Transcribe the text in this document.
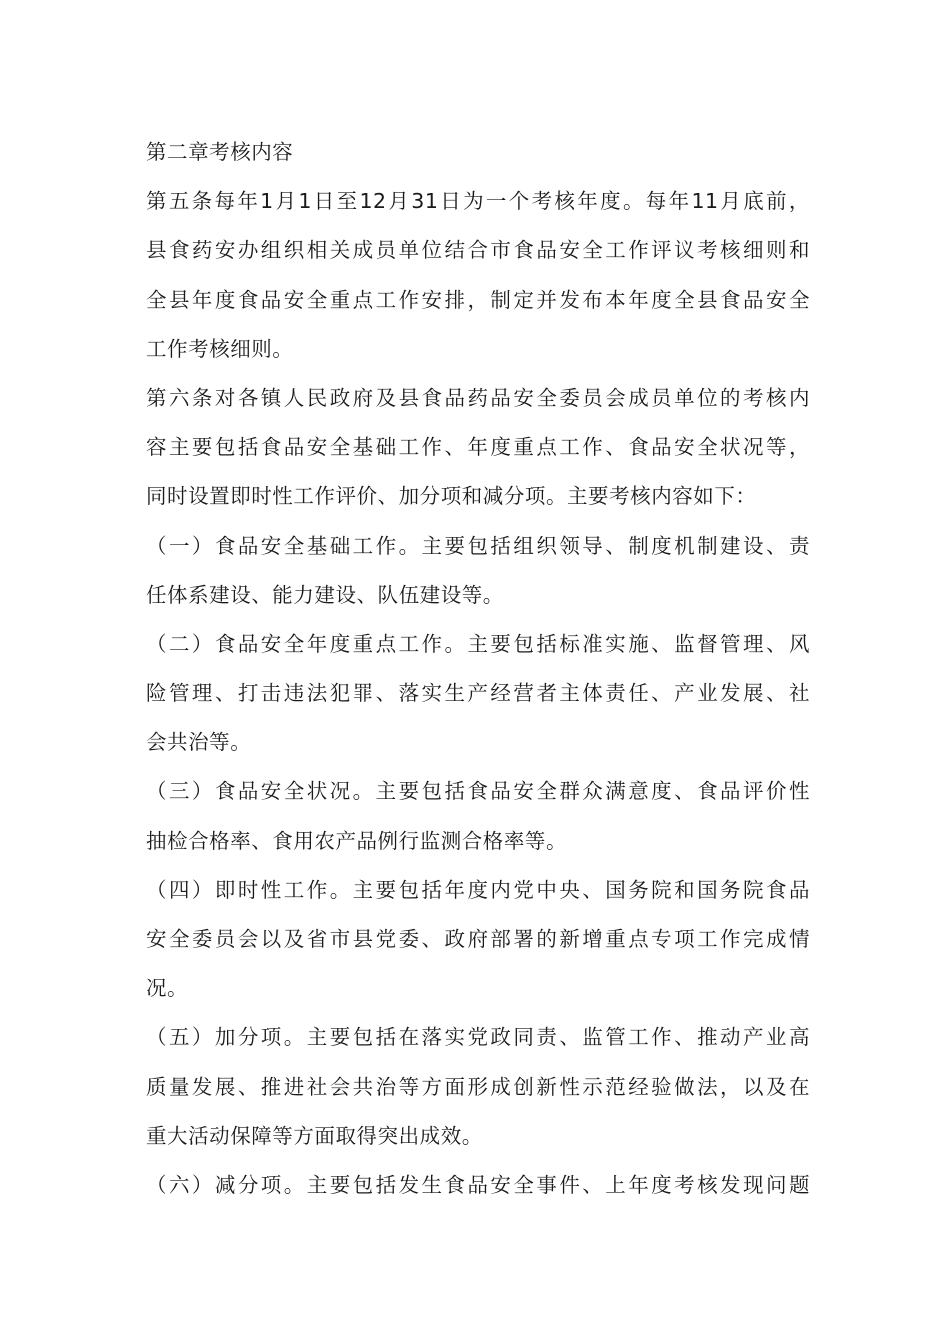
第二章考核内容
第五条每年1月1日至12月31日为一个考核年度。每年11月底前，
县食药安办组织相关成员单位结合市食品安全工作评议考核细则和
全县年度食品安全重点工作安排，制定并发布本年度全县食品安全
工作考核细则。
第六条对各镇人民政府及县食品药品安全委员会成员单位的考核内
容主要包括食品安全基础工作、年度重点工作、食品安全状况等，
同时设置即时性工作评价、加分项和减分项。主要考核内容如下：
（一）食品安全基础工作。主要包括组织领导、制度机制建设、责
任体系建设、能力建设、队伍建设等。
（二）食品安全年度重点工作。主要包括标准实施、监督管理、风
险管理、打击违法犯罪、落实生产经营者主体责任、产业发展、社
会共治等。
（三）食品安全状况。主要包括食品安全群众满意度、食品评价性
抽检合格率、食用农产品例行监测合格率等。
（四）即时性工作。主要包括年度内党中央、国务院和国务院食品
安全委员会以及省市县党委、政府部署的新增重点专项工作完成情
况。
（五）加分项。主要包括在落实党政同责、监管工作、推动产业高
质量发展、推进社会共治等方面形成创新性示范经验做法，以及在
重大活动保障等方面取得突出成效。
（六）减分项。主要包括发生食品安全事件、上年度考核发现问题
